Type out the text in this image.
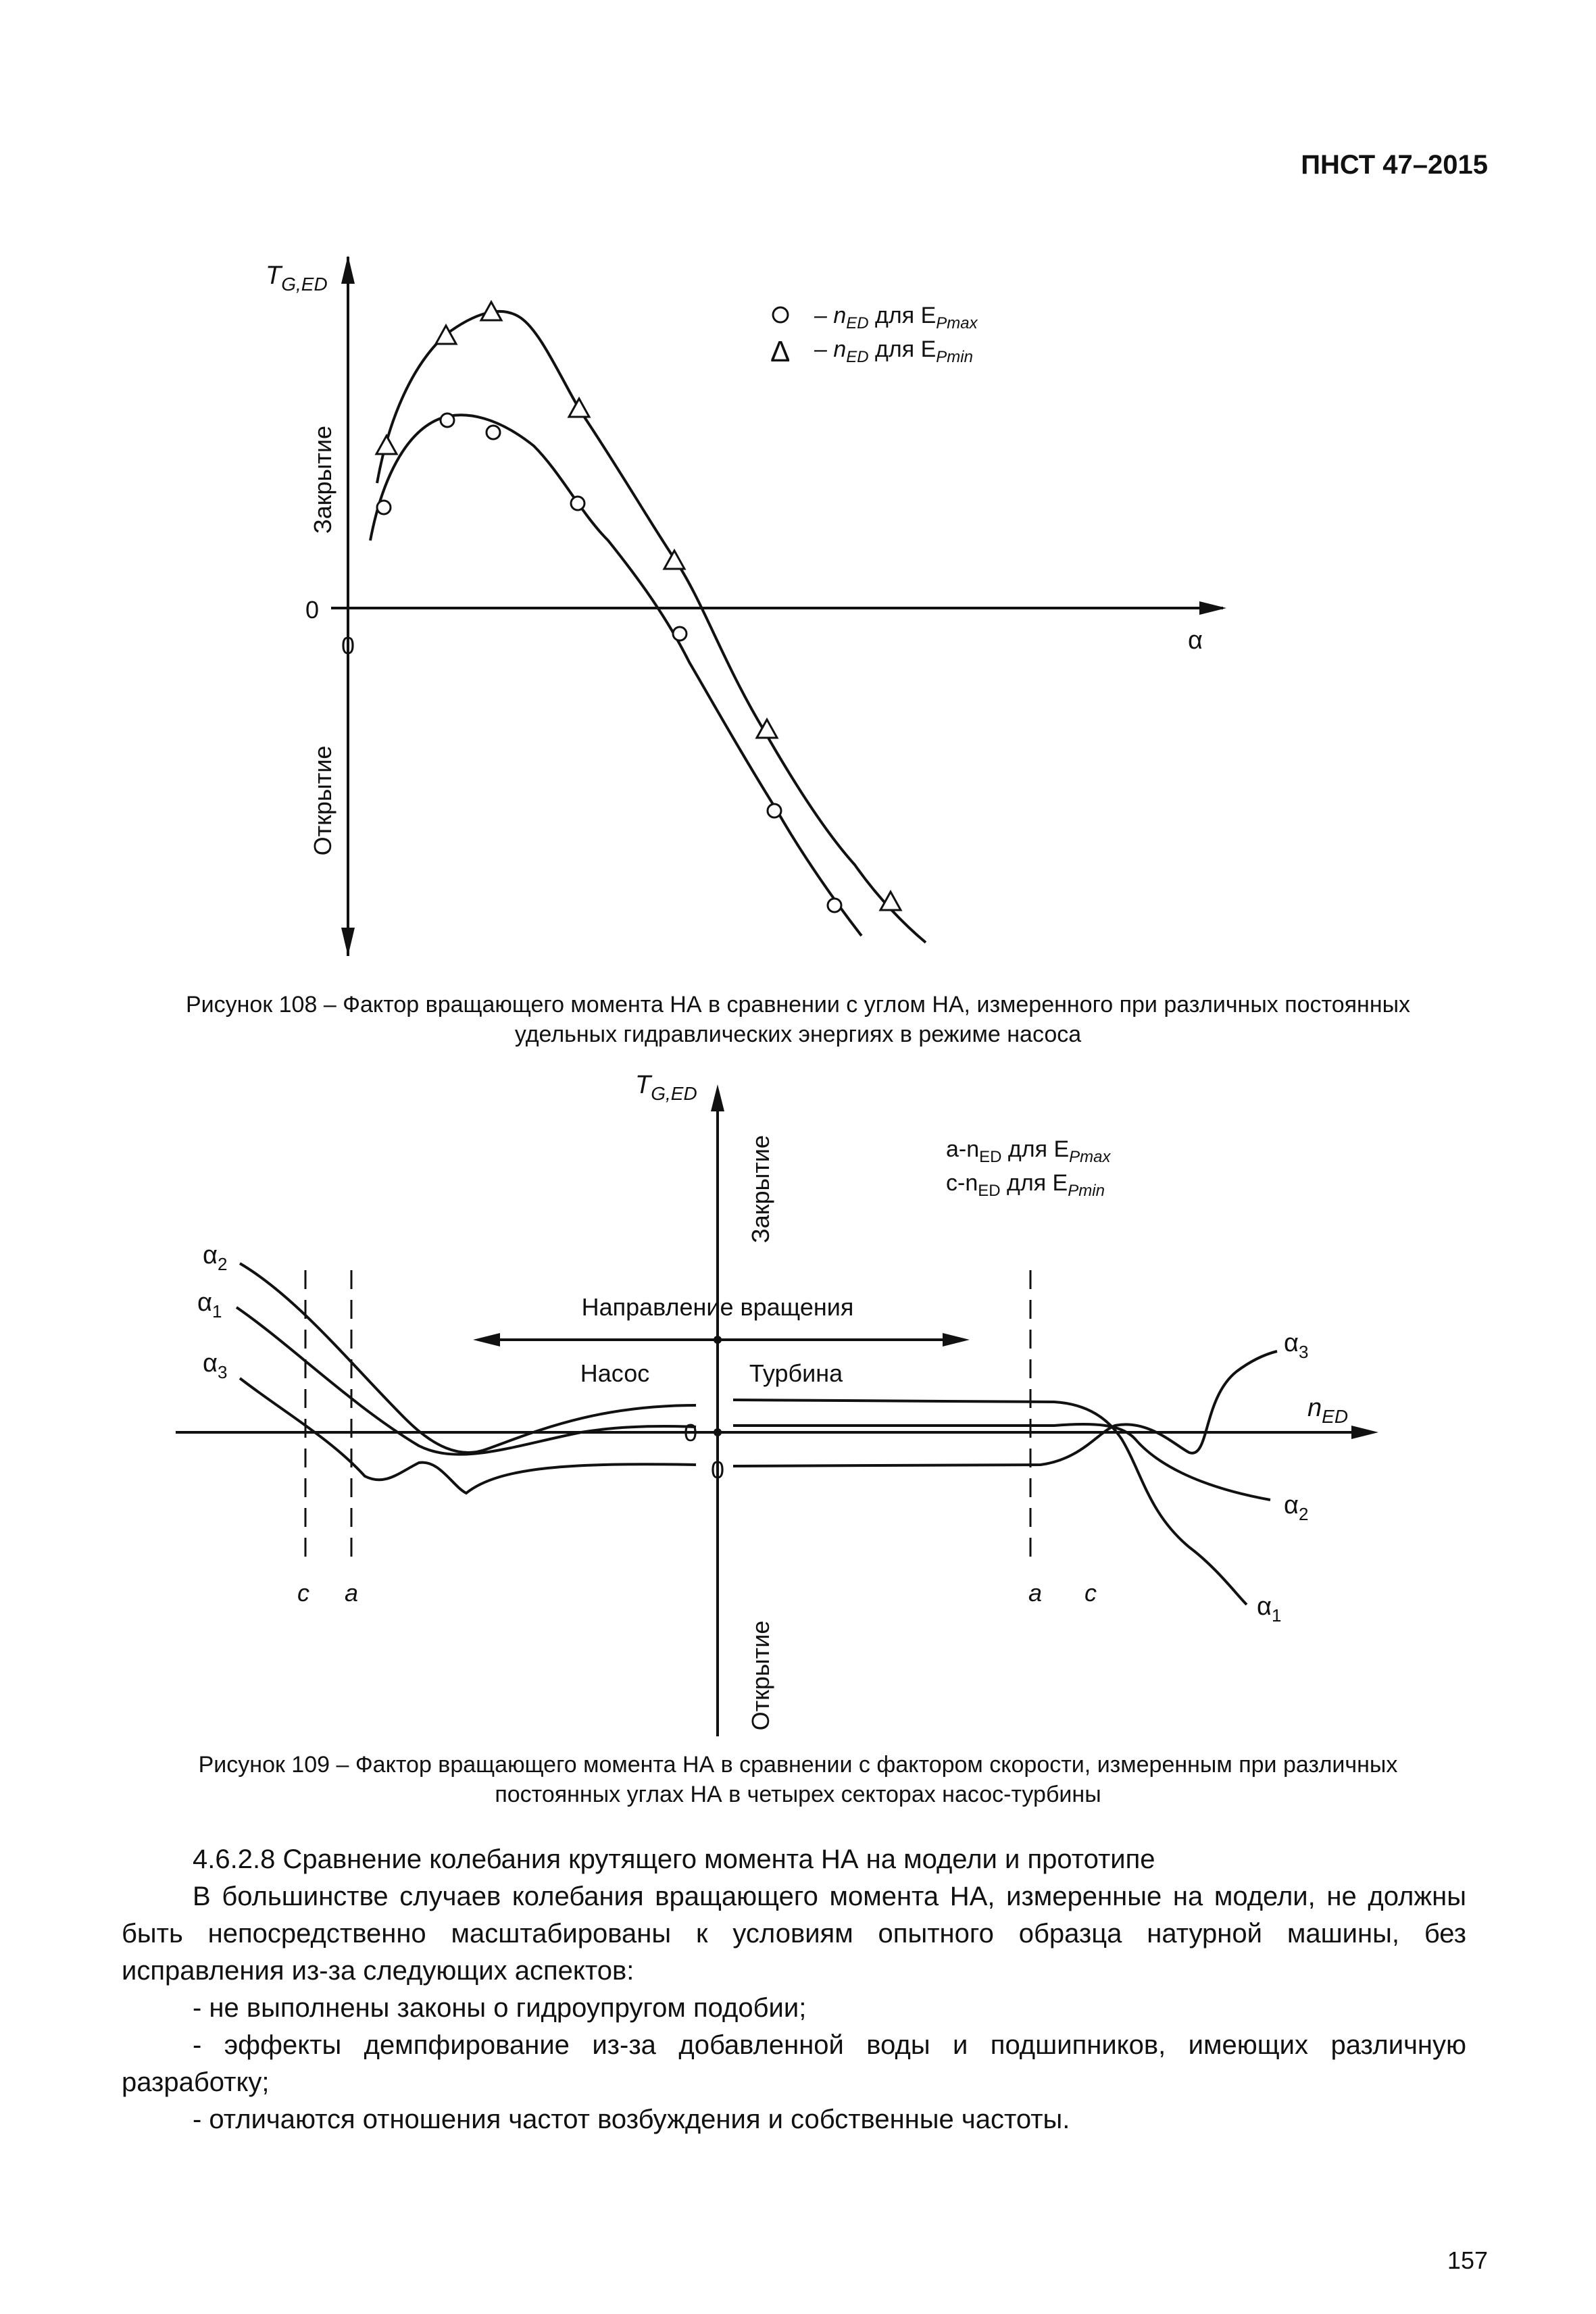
ПНСТ 47–2015
$T_{G,ED}$
0
0	α
Закрытие
Открытие
– $n_{ED}$ для $E_{Pmax}$
Δ – $n_{ED}$ для $E_{Pmin}$
Рисунок 108 – Фактор вращающего момента НА в сравнении с углом НА, измеренного при различных постоянных
удельных гидравлических энергиях в режиме насоса
$T_{G,ED}$
$n_{ED}$
Закрытие
Открытие
$a-n_{ED}$ для $E_{Pmax}$
$c-n_{ED}$ для $E_{Pmin}$
Направление вращения
Насос	Турбина
0
0
c a	a c
$\alpha_2$
$\alpha_1$
$\alpha_3$
$\alpha_3$
$\alpha_2$
$\alpha_1$
Рисунок 109 – Фактор вращающего момента НА в сравнении с фактором скорости, измеренным при различных
постоянных углах НА в четырех секторах насос-турбины

4.6.2.8 Сравнение колебания крутящего момента НА на модели и прототипе

В большинстве случаев колебания вращающего момента НА, измеренные на модели, не должны быть непосредственно масштабированы к условиям опытного образца натурной машины, без исправления из-за следующих аспектов:

- не выполнены законы о гидроупругом подобии;

- эффекты демпфирование из-за добавленной воды и подшипников, имеющих различную разработку;

- отличаются отношения частот возбуждения и собственные частоты.

157
